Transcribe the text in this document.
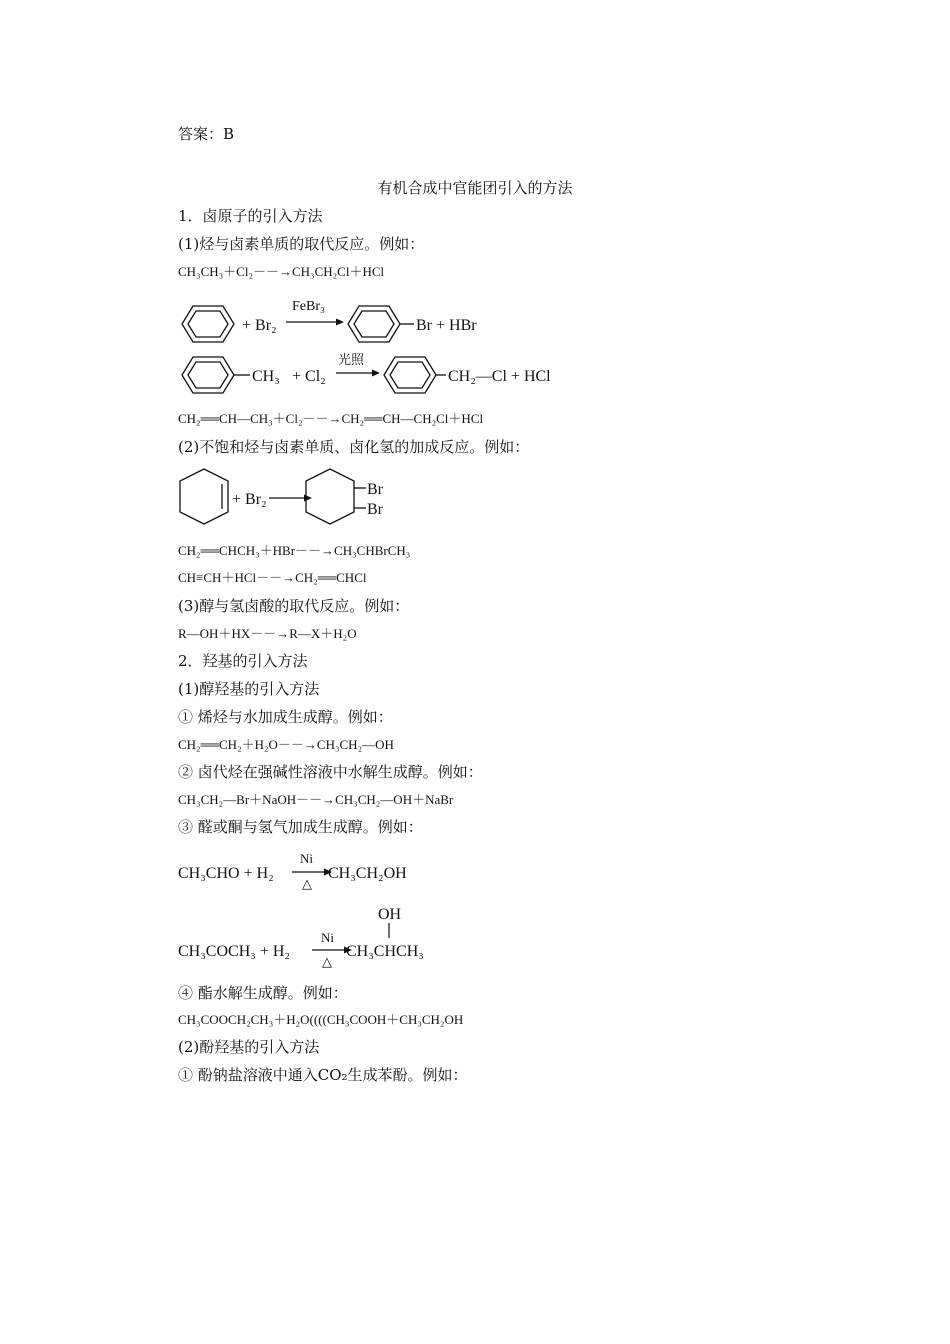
答案：B
有机合成中官能团引入的方法
1．卤原子的引入方法
(1)烃与卤素单质的取代反应。例如：
CH₃CH₃＋Cl₂－－→CH₃CH₂Cl＋HCl
+ Br₂
FeBr₃
Br + HBr
CH₃ + Cl₂
光照
CH₂—Cl + HCl
CH₂══CH—CH₃＋Cl₂－－→CH₂══CH—CH₂Cl＋HCl
(2)不饱和烃与卤素单质、卤化氢的加成反应。例如：
+ Br₂
Br
Br
CH₂══CHCH₃＋HBr－－→CH₃CHBrCH₃
CH≡CH＋HCl－－→CH₂══CHCl
(3)醇与氢卤酸的取代反应。例如：
R—OH＋HX－－→R—X＋H₂O
2．羟基的引入方法
(1)醇羟基的引入方法
① 烯烃与水加成生成醇。例如：
CH₂══CH₂＋H₂O－－→CH₃CH₂—OH
② 卤代烃在强碱性溶液中水解生成醇。例如：
CH₃CH₂—Br＋NaOH－－→CH₃CH₂—OH＋NaBr
③ 醛或酮与氢气加成生成醇。例如：
CH₃CHO + H₂
Ni
△
CH₃CH₂OH
CH₃COCH₃ + H₂
Ni
△
CH₃CHCH₃
OH
④ 酯水解生成醇。例如：
CH₃COOCH₂CH₃＋H₂O((((CH₃COOH＋CH₃CH₂OH
(2)酚羟基的引入方法
① 酚钠盐溶液中通入CO₂生成苯酚。例如：
